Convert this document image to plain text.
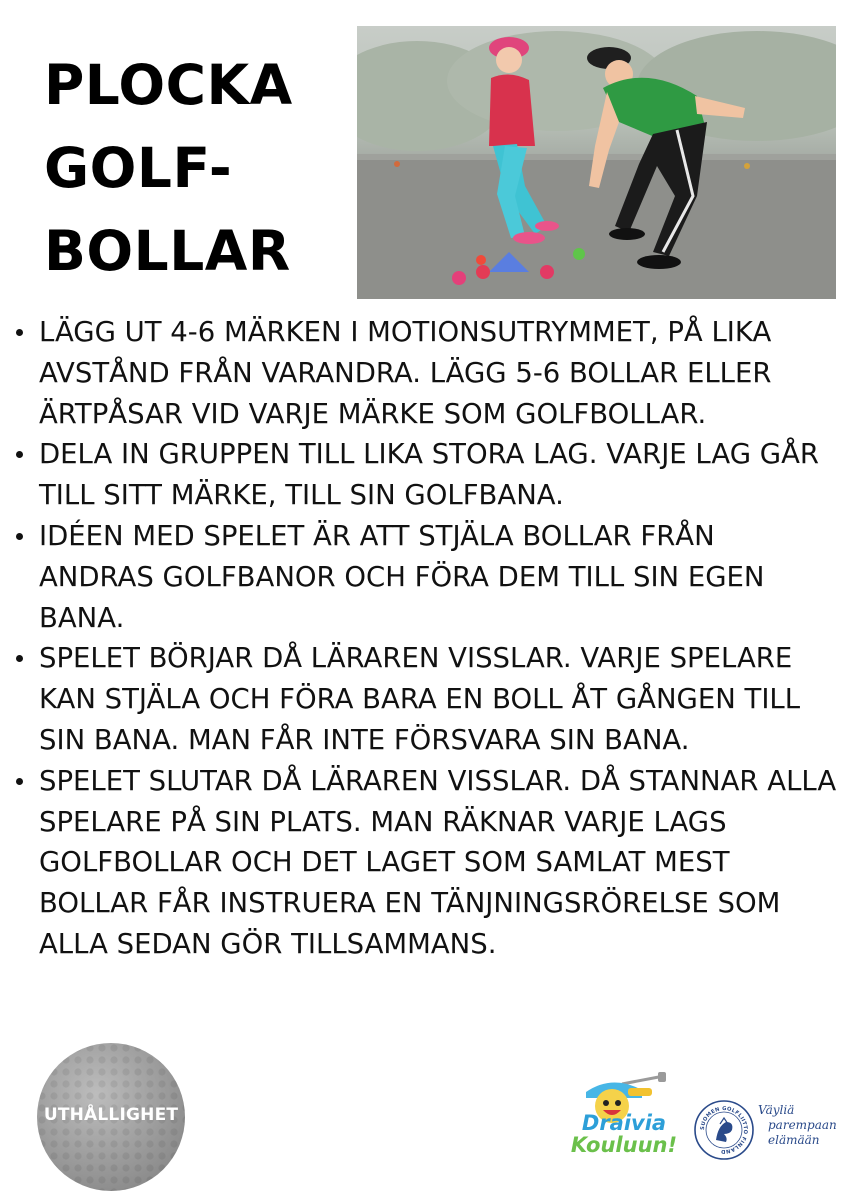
PLOCKA
GOLF-
BOLLAR
LÄGG UT 4-6 MÄRKEN I MOTIONSUTRYMMET, PÅ LIKA AVSTÅND FRÅN VARANDRA. LÄGG 5-6 BOLLAR ELLER ÄRTPÅSAR VID VARJE MÄRKE SOM GOLFBOLLAR.
DELA IN GRUPPEN TILL LIKA STORA LAG. VARJE LAG GÅR TILL SITT MÄRKE, TILL SIN GOLFBANA.
IDÉEN MED SPELET ÄR ATT STJÄLA BOLLAR FRÅN ANDRAS GOLFBANOR OCH FÖRA DEM TILL SIN EGEN BANA.
SPELET BÖRJAR DÅ LÄRAREN VISSLAR. VARJE SPELARE KAN STJÄLA OCH FÖRA BARA EN BOLL ÅT GÅNGEN TILL SIN BANA. MAN FÅR INTE FÖRSVARA SIN BANA.
SPELET SLUTAR DÅ LÄRAREN VISSLAR. DÅ STANNAR ALLA SPELARE PÅ SIN PLATS. MAN RÄKNAR VARJE LAGS GOLFBOLLAR OCH DET LAGET SOM SAMLAT MEST BOLLAR FÅR INSTRUERA EN TÄNJNINGSRÖRELSE SOM ALLA SEDAN GÖR TILLSAMMANS.
UTHÅLLIGHET	Draivia
Kouluun!
SUOMEN GOLFLIITTO FINLAND
Väyliä
parempaan
elämään
